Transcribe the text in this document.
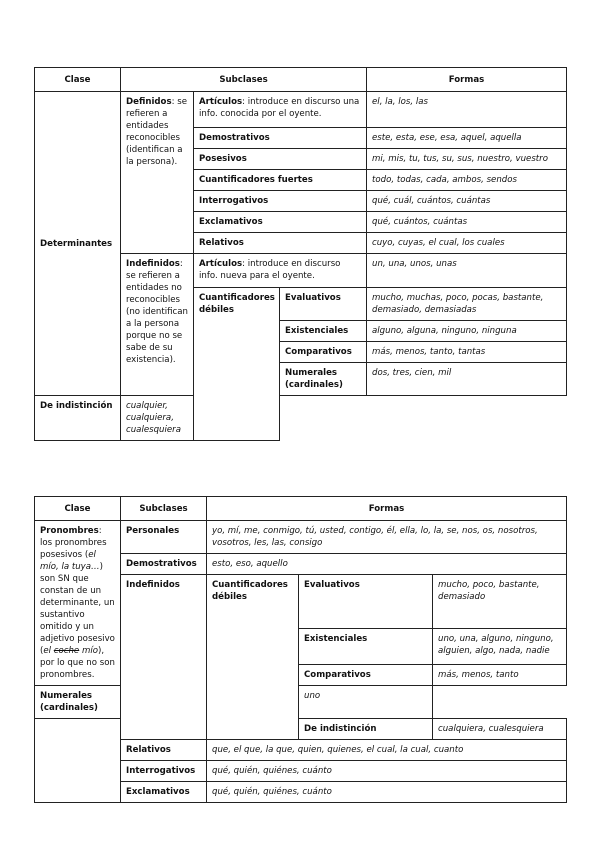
Clase	Subclases			Formas
Determinantes	Definidos: se refieren a entidades reconocibles (identifican a la persona).	Artículos: introduce en discurso una info. conocida por el oyente.		el, la, los, las
		Demostrativos		este, esta, ese, esa, aquel, aquella
		Posesivos		mi, mis, tu, tus, su, sus, nuestro, vuestro
		Cuantificadores fuertes		todo, todas, cada, ambos, sendos
		Interrogativos		qué, cuál, cuántos, cuántas
		Exclamativos		qué, cuántos, cuántas
		Relativos		cuyo, cuyas, el cual, los cuales
	Indefinidos: se refieren a entidades no reconocibles (no identifican a la persona porque no se sabe de su existencia).	Artículos: introduce en discurso info. nueva para el oyente.		un, una, unos, unas
		Cuantificadores débiles	Evaluativos	mucho, muchas, poco, pocas, bastante, demasiado, demasiadas
			Existenciales	alguno, alguna, ninguno, ninguna
			Comparativos	más, menos, tanto, tantas
			Numerales (cardinales)	dos, tres, cien, mil
De indistinción	cualquier, cualquiera, cualesquiera			
Clase	Subclases	Formas		
Pronombres: los pronombres posesivos (el mío, la tuya…) son SN que constan de un determinante, un sustantivo omitido y un adjetivo posesivo (el coche mío), por lo que no son pronombres.	Personales	yo, mí, me, conmigo, tú, usted, contigo, él, ella, lo, la, se, nos, os, nosotros, vosotros, les, las, consigo		
	Demostrativos	esto, eso, aquello		
	Indefinidos	Cuantificadores débiles	Evaluativos	mucho, poco, bastante, demasiado
			Existenciales	uno, una, alguno, ninguno, alguien, algo, nada, nadie
			Comparativos	más, menos, tanto
Numerales (cardinales)			uno	
			De indistinción	cualquiera, cualesquiera
	Relativos	que, el que, la que, quien, quienes, el cual, la cual, cuanto		
	Interrogativos	qué, quién, quiénes, cuánto		
	Exclamativos	qué, quién, quiénes, cuánto		
